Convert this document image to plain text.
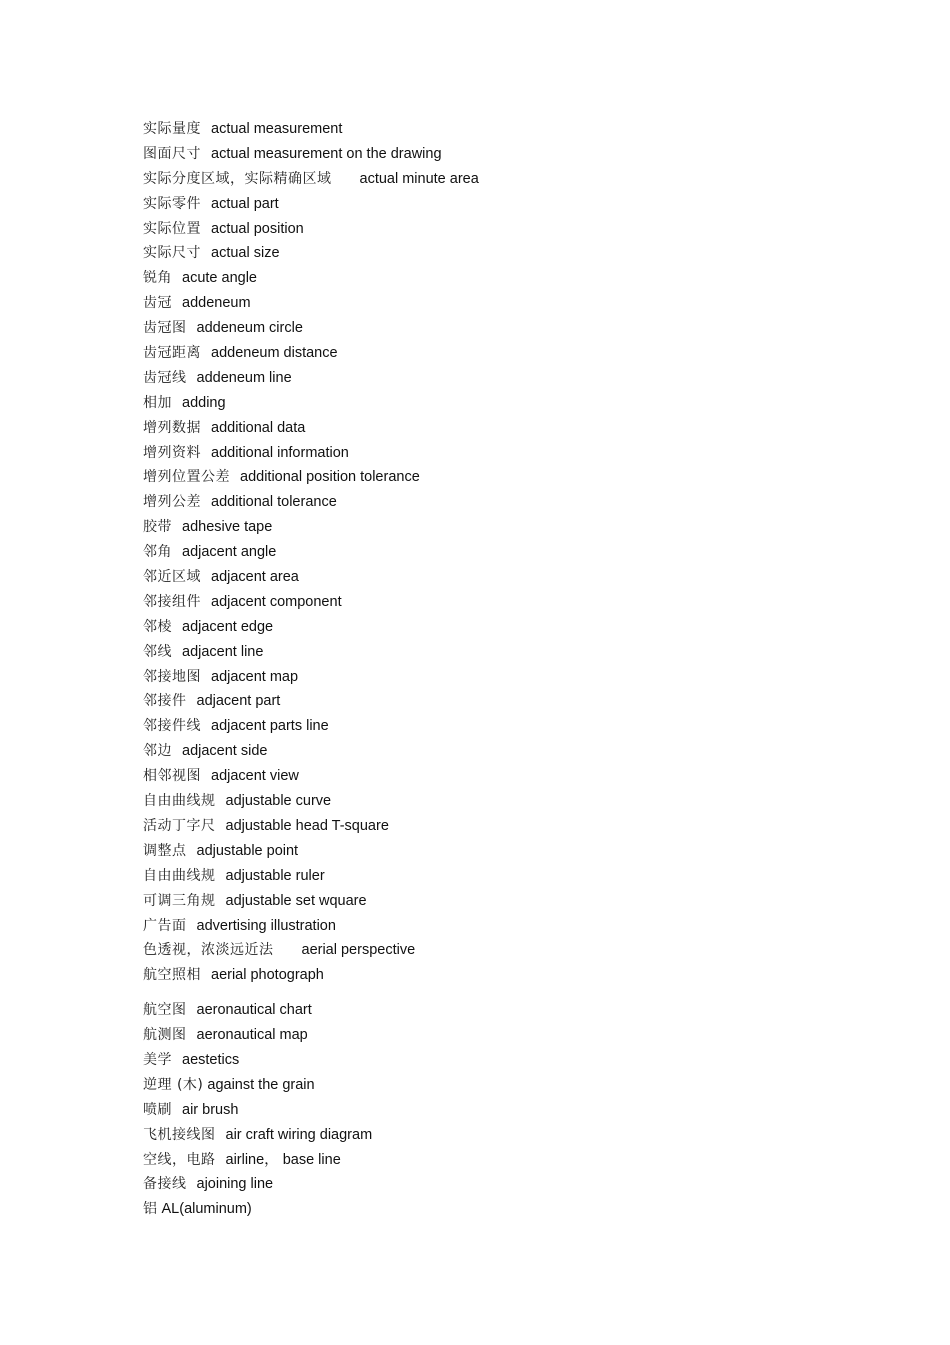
实际量度 actual measurement
图面尺寸 actual measurement on the drawing
实际分度区域，实际精确区域 actual minute area
实际零件 actual part
实际位置 actual position
实际尺寸 actual size
锐角 acute angle
齿冠 addeneum
齿冠图 addeneum circle
齿冠距离 addeneum distance
齿冠线 addeneum line
相加 adding
增列数据 additional data
增列资料 additional information
增列位置公差 additional position tolerance
增列公差 additional tolerance
胶带 adhesive tape
邻角 adjacent angle
邻近区域 adjacent area
邻接组件 adjacent component
邻棱 adjacent edge
邻线 adjacent line
邻接地图 adjacent map
邻接件 adjacent part
邻接件线 adjacent parts line
邻边 adjacent side
相邻视图 adjacent view
自由曲线规 adjustable curve
活动丁字尺 adjustable head T-square
调整点 adjustable point
自由曲线规 adjustable ruler
可调三角规 adjustable set wquare
广告面 advertising illustration
色透视，浓淡远近法 aerial perspective
航空照相 aerial photograph
航空图 aeronautical chart
航测图 aeronautical map
美学 aestetics
逆理 (木) against the grain
喷刷 air brush
飞机接线图 air craft wiring diagram
空线，电路 airline， base line
备接线 ajoining line
铝 AL(aluminum)
